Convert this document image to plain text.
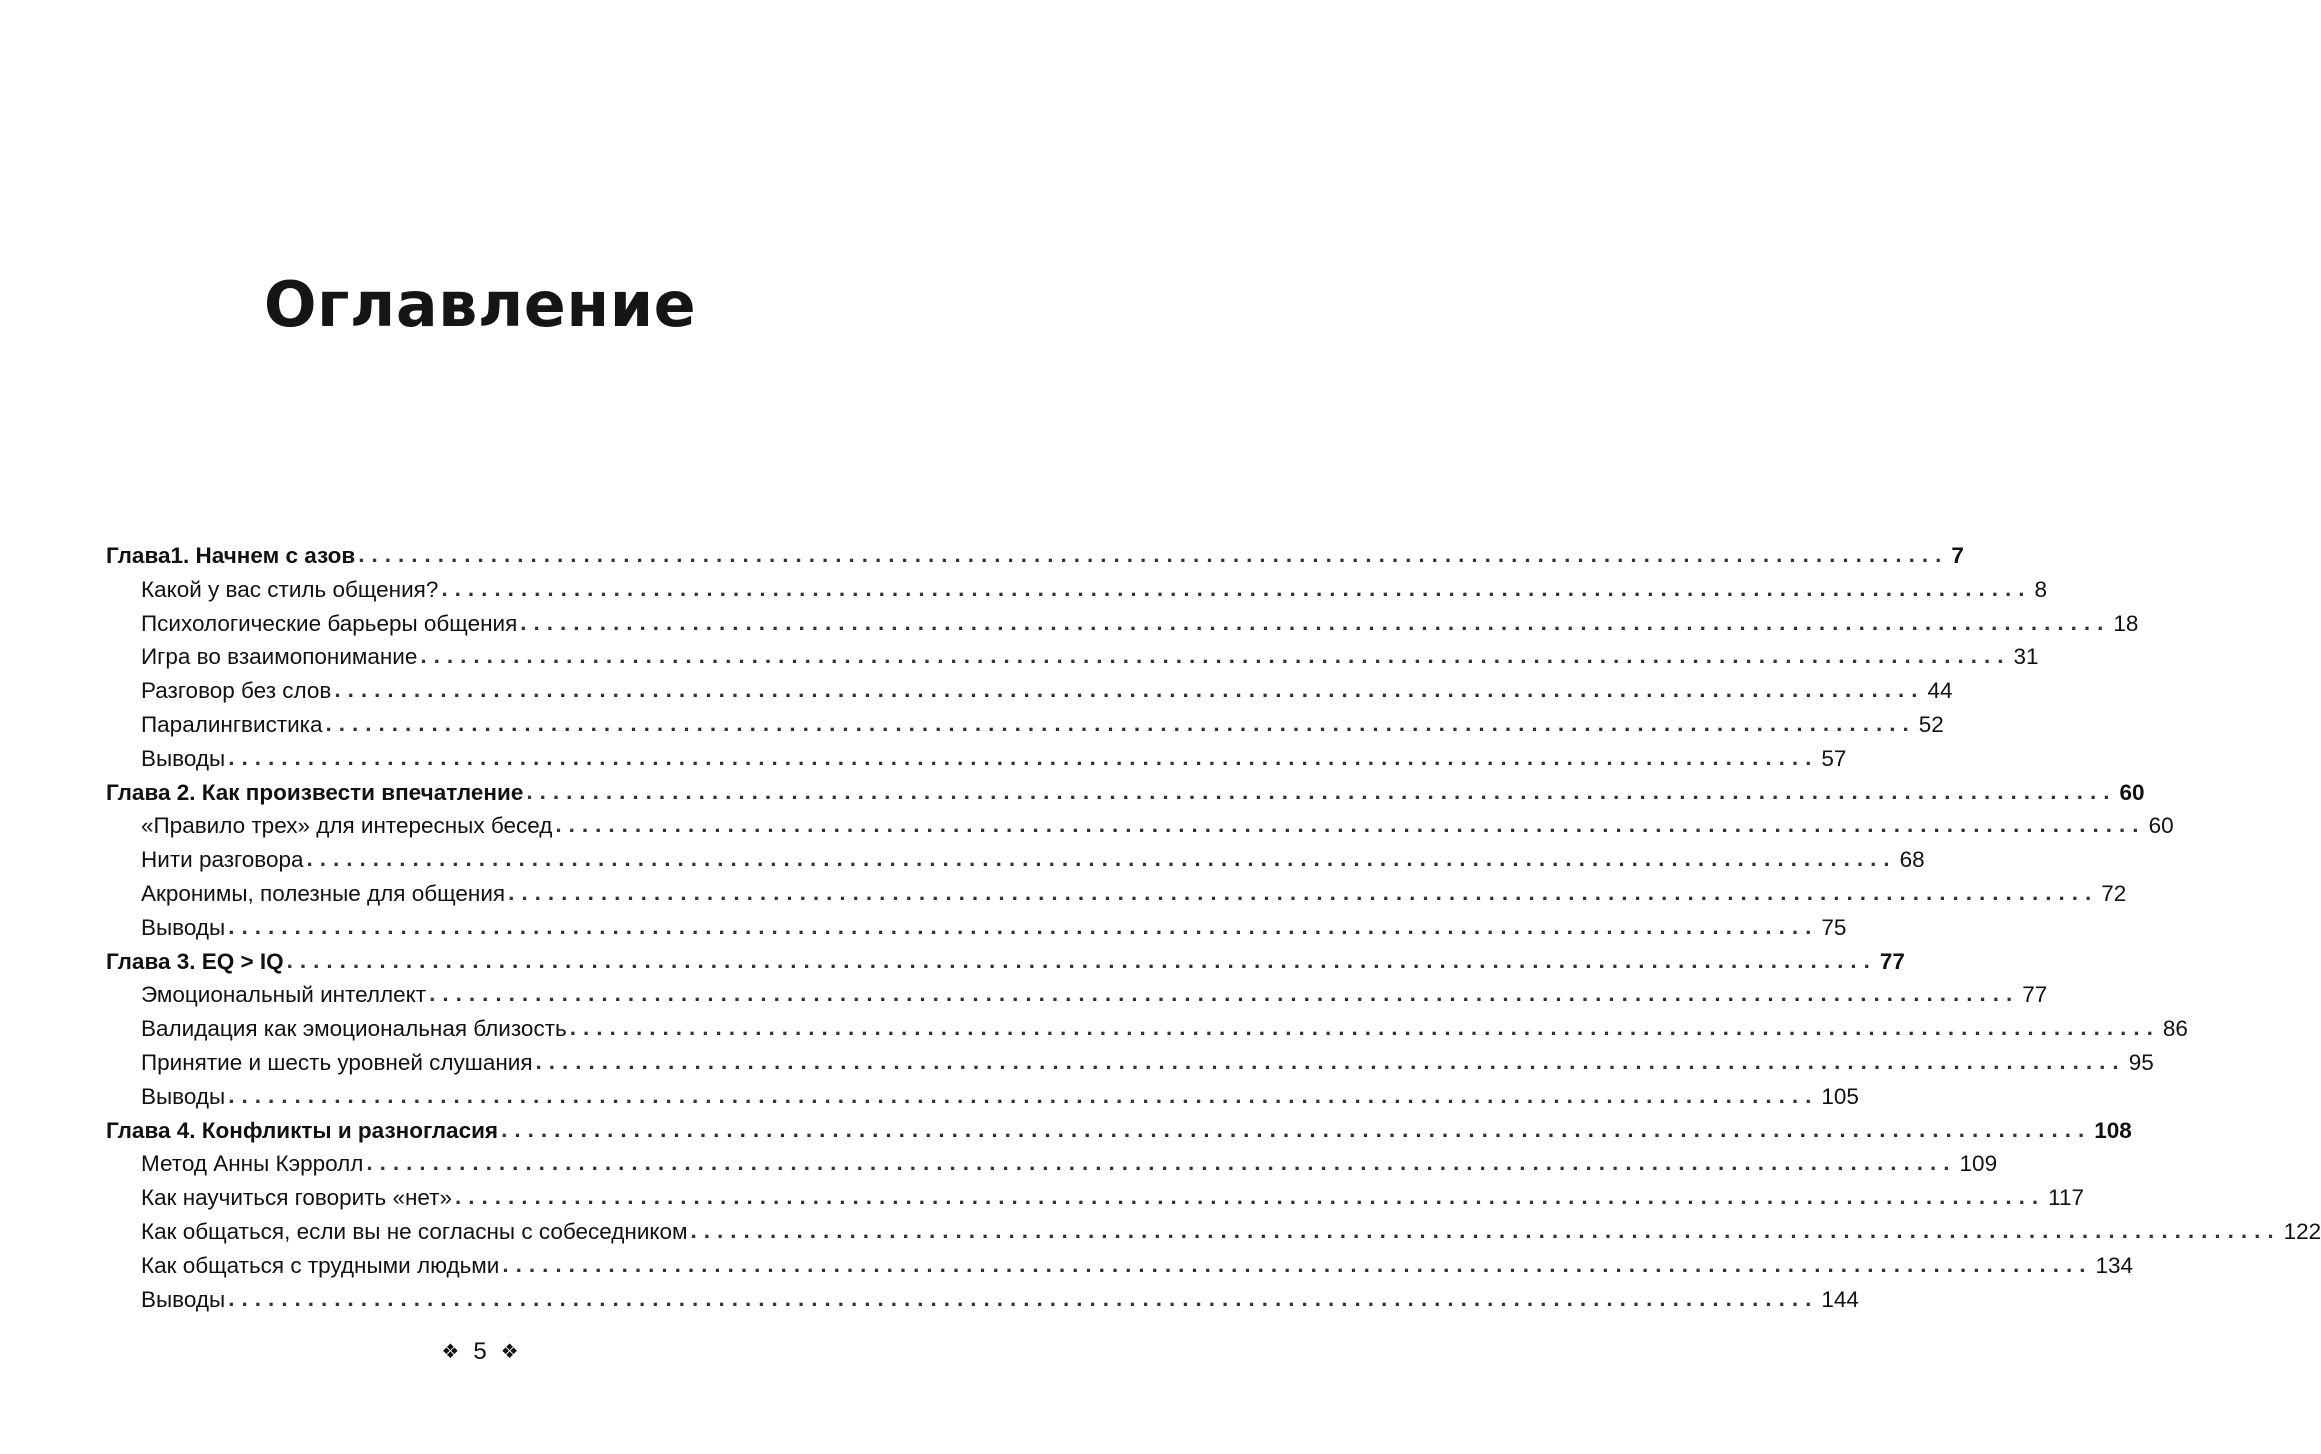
Оглавление
Глава1. Начнем с азов ........................................................................................................................ 7
Какой у вас стиль общения? ........................................................................................................................ 8
Психологические барьеры общения ........................................................................................................................ 18
Игра во взаимопонимание ........................................................................................................................ 31
Разговор без слов ........................................................................................................................ 44
Паралингвистика ........................................................................................................................ 52
Выводы ........................................................................................................................ 57
Глава 2. Как произвести впечатление ........................................................................................................................ 60
«Правило трех» для интересных бесед ........................................................................................................................ 60
Нити разговора ........................................................................................................................ 68
Акронимы, полезные для общения ........................................................................................................................ 72
Выводы ........................................................................................................................ 75
Глава 3. EQ > IQ ........................................................................................................................ 77
Эмоциональный интеллект ........................................................................................................................ 77
Валидация как эмоциональная близость ........................................................................................................................ 86
Принятие и шесть уровней слушания ........................................................................................................................ 95
Выводы ........................................................................................................................ 105
Глава 4. Конфликты и разногласия ........................................................................................................................ 108
Метод Анны Кэрролл ........................................................................................................................ 109
Как научиться говорить «нет» ........................................................................................................................ 117
Как общаться, если вы не согласны с собеседником ........................................................................................................................ 122
Как общаться с трудными людьми ........................................................................................................................ 134
Выводы ........................................................................................................................ 144
❖ 5 ❖
